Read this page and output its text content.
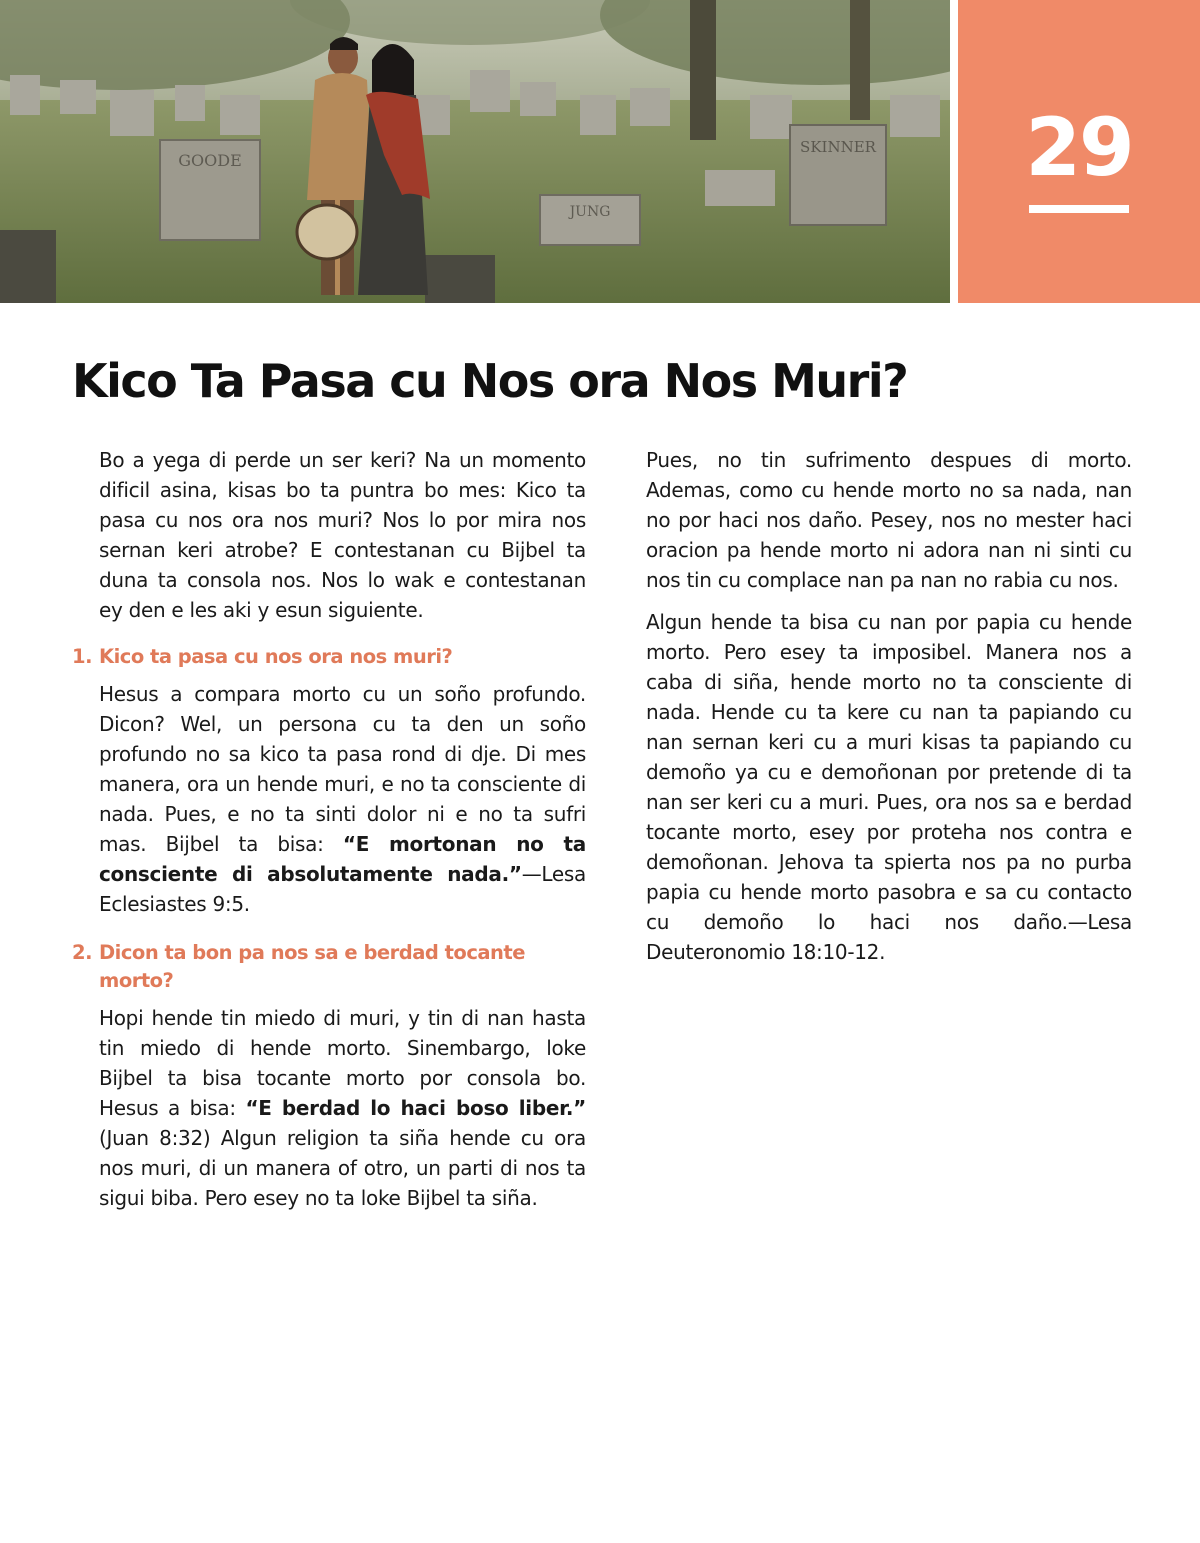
GOODE
JUNG
SKINNER	29
Kico Ta Pasa cu Nos ora Nos Muri?

Bo a yega di perde un ser keri? Na un momento dificil asina, kisas bo ta puntra bo mes: Kico ta pasa cu nos ora nos muri? Nos lo por mira nos sernan keri atrobe? E contestanan cu Bijbel ta duna ta consola nos. Nos lo wak e contestanan ey den e les aki y esun siguiente.

1. Kico ta pasa cu nos ora nos muri?

Hesus a compara morto cu un soño profundo. Dicon? Wel, un persona cu ta den un soño profundo no sa kico ta pasa rond di dje. Di mes manera, ora un hende muri, e no ta consciente di nada. Pues, e no ta sinti dolor ni e no ta sufri mas. Bijbel ta bisa: “E mortonan no ta consciente di absolutamente nada.”—Lesa Eclesiastes 9:5.

2. Dicon ta bon pa nos sa e berdad tocante morto?

Hopi hende tin miedo di muri, y tin di nan hasta tin miedo di hende morto. Sinembargo, loke Bijbel ta bisa tocante morto por consola bo. Hesus a bisa: “E berdad lo haci boso liber.” (Juan 8:32) Algun religion ta siña hende cu ora nos muri, di un manera of otro, un parti di nos ta sigui biba. Pero esey no ta loke Bijbel ta siña.

Pues, no tin sufrimento despues di morto. Ademas, como cu hende morto no sa nada, nan no por haci nos daño. Pesey, nos no mester haci oracion pa hende morto ni adora nan ni sinti cu nos tin cu complace nan pa nan no rabia cu nos.

Algun hende ta bisa cu nan por papia cu hende morto. Pero esey ta imposibel. Manera nos a caba di siña, hende morto no ta consciente di nada. Hende cu ta kere cu nan ta papiando cu nan sernan keri cu a muri kisas ta papiando cu demoño ya cu e demoñonan por pretende di ta nan ser keri cu a muri. Pues, ora nos sa e berdad tocante morto, esey por proteha nos contra e demoñonan. Jehova ta spierta nos pa no purba papia cu hende morto pasobra e sa cu contacto cu demoño lo haci nos daño.—Lesa Deuteronomio 18:10-12.
